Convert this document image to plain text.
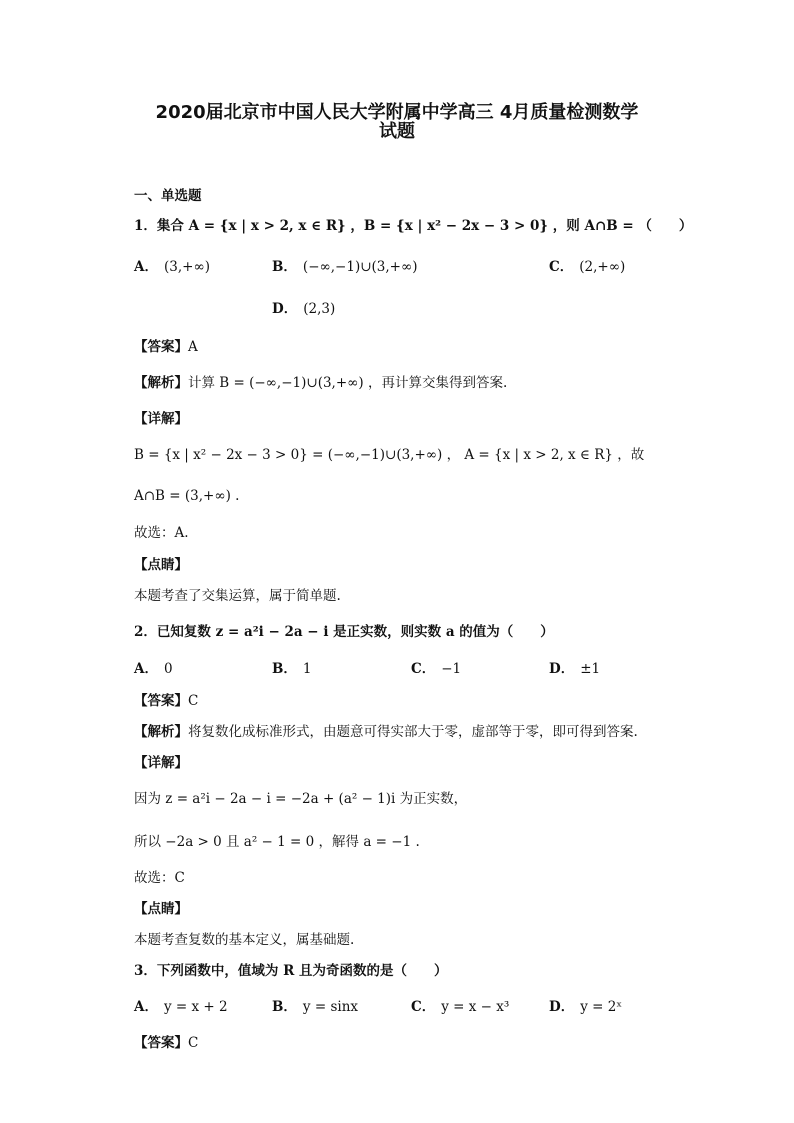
2020届北京市中国人民大学附属中学高三 4月质量检测数学
试题
一、单选题
1．集合 A = {x | x > 2, x ∈ R} ，B = {x | x² − 2x − 3 > 0} ，则 A∩B = （　　）
A． (3,+∞)	B． (−∞,−1)∪(3,+∞)	C． (2,+∞)
D． (2,3)
【答案】A
【解析】计算 B = (−∞,−1)∪(3,+∞) ，再计算交集得到答案.
【详解】
B = {x | x² − 2x − 3 > 0} = (−∞,−1)∪(3,+∞) ， A = {x | x > 2, x ∈ R} ，故
A∩B = (3,+∞) .
故选：A.
【点睛】
本题考查了交集运算，属于简单题.
2．已知复数 z = a²i − 2a − i 是正实数，则实数 a 的值为（　　）
A． 0	B． 1	C． −1	D． ±1
【答案】C
【解析】将复数化成标准形式，由题意可得实部大于零，虚部等于零，即可得到答案.
【详解】
因为 z = a²i − 2a − i = −2a + (a² − 1)i 为正实数，
所以 −2a > 0 且 a² − 1 = 0 ，解得 a = −1 .
故选：C
【点睛】
本题考查复数的基本定义，属基础题.
3．下列函数中，值域为 R 且为奇函数的是（　　）
A． y = x + 2	B． y = sinx	C． y = x − x³	D． y = 2ˣ
【答案】C
